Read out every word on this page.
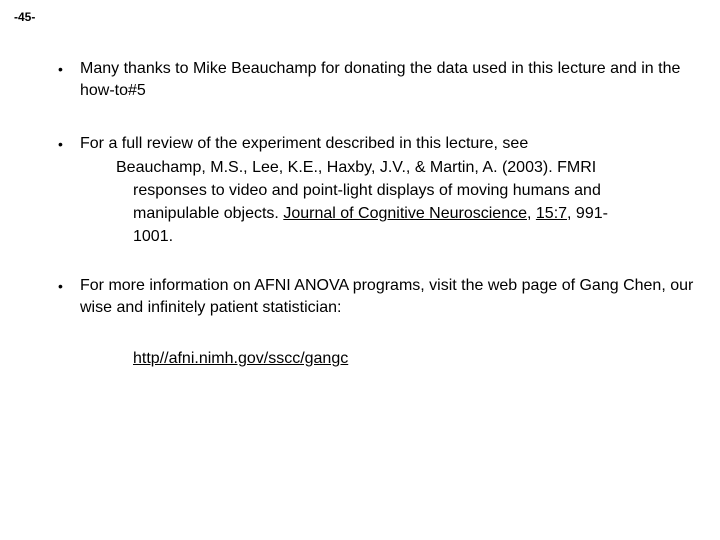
-45-
•	Many thanks to Mike Beauchamp for donating the data used in this lecture and in the how-to#5
•	For a full review of the experiment described in this lecture, see
Beauchamp, M.S., Lee, K.E., Haxby, J.V., & Martin, A. (2003). FMRI
responses to video and point-light displays of moving humans and
manipulable objects. Journal of Cognitive Neuroscience, 15:7, 991-
1001.
•	For more information on AFNI ANOVA programs, visit the web page of Gang Chen, our wise and infinitely patient statistician:
http//afni.nimh.gov/sscc/gangc
